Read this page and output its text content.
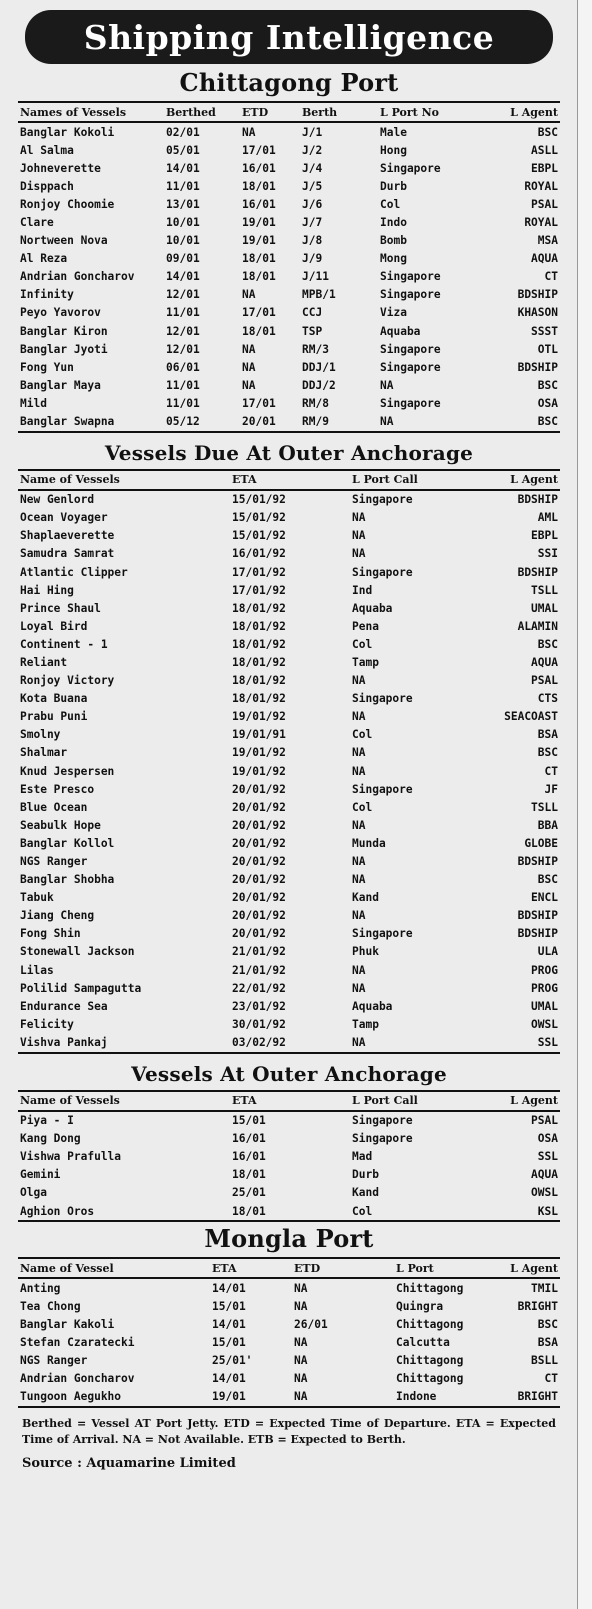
Shipping Intelligence
Chittagong Port
Names of Vessels	Berthed	ETD	Berth	L Port No	L Agent
Banglar Kokoli	02/01	NA	J/1	Male	BSC
Al Salma	05/01	17/01	J/2	Hong	ASLL
Johneverette	14/01	16/01	J/4	Singapore	EBPL
Disppach	11/01	18/01	J/5	Durb	ROYAL
Ronjoy Choomie	13/01	16/01	J/6	Col	PSAL
Clare	10/01	19/01	J/7	Indo	ROYAL
Nortween Nova	10/01	19/01	J/8	Bomb	MSA
Al Reza	09/01	18/01	J/9	Mong	AQUA
Andrian Goncharov	14/01	18/01	J/11	Singapore	CT
Infinity	12/01	NA	MPB/1	Singapore	BDSHIP
Peyo Yavorov	11/01	17/01	CCJ	Viza	KHASON
Banglar Kiron	12/01	18/01	TSP	Aquaba	SSST
Banglar Jyoti	12/01	NA	RM/3	Singapore	OTL
Fong Yun	06/01	NA	DDJ/1	Singapore	BDSHIP
Banglar Maya	11/01	NA	DDJ/2	NA	BSC
Mild	11/01	17/01	RM/8	Singapore	OSA
Banglar Swapna	05/12	20/01	RM/9	NA	BSC
Vessels Due At Outer Anchorage
Name of Vessels	ETA	L Port Call	L Agent
New Genlord	15/01/92	Singapore	BDSHIP
Ocean Voyager	15/01/92	NA	AML
Shaplaeverette	15/01/92	NA	EBPL
Samudra Samrat	16/01/92	NA	SSI
Atlantic Clipper	17/01/92	Singapore	BDSHIP
Hai Hing	17/01/92	Ind	TSLL
Prince Shaul	18/01/92	Aquaba	UMAL
Loyal Bird	18/01/92	Pena	ALAMIN
Continent - 1	18/01/92	Col	BSC
Reliant	18/01/92	Tamp	AQUA
Ronjoy Victory	18/01/92	NA	PSAL
Kota Buana	18/01/92	Singapore	CTS
Prabu Puni	19/01/92	NA	SEACOAST
Smolny	19/01/91	Col	BSA
Shalmar	19/01/92	NA	BSC
Knud Jespersen	19/01/92	NA	CT
Este Presco	20/01/92	Singapore	JF
Blue Ocean	20/01/92	Col	TSLL
Seabulk Hope	20/01/92	NA	BBA
Banglar Kollol	20/01/92	Munda	GLOBE
NGS Ranger	20/01/92	NA	BDSHIP
Banglar Shobha	20/01/92	NA	BSC
Tabuk	20/01/92	Kand	ENCL
Jiang Cheng	20/01/92	NA	BDSHIP
Fong Shin	20/01/92	Singapore	BDSHIP
Stonewall Jackson	21/01/92	Phuk	ULA
Lilas	21/01/92	NA	PROG
Polilid Sampagutta	22/01/92	NA	PROG
Endurance Sea	23/01/92	Aquaba	UMAL
Felicity	30/01/92	Tamp	OWSL
Vishva Pankaj	03/02/92	NA	SSL
Vessels At Outer Anchorage
Name of Vessels	ETA	L Port Call	L Agent
Piya - I	15/01	Singapore	PSAL
Kang Dong	16/01	Singapore	OSA
Vishwa Prafulla	16/01	Mad	SSL
Gemini	18/01	Durb	AQUA
Olga	25/01	Kand	OWSL
Aghion Oros	18/01	Col	KSL
Mongla Port
Name of Vessel	ETA	ETD	L Port	L Agent
Anting	14/01	NA	Chittagong	TMIL
Tea Chong	15/01	NA	Quingra	BRIGHT
Banglar Kakoli	14/01	26/01	Chittagong	BSC
Stefan Czaratecki	15/01	NA	Calcutta	BSA
NGS Ranger	25/01'	NA	Chittagong	BSLL
Andrian Goncharov	14/01	NA	Chittagong	CT
Tungoon Aegukho	19/01	NA	Indone	BRIGHT
Berthed = Vessel AT Port Jetty. ETD = Expected Time of Departure. ETA = Expected Time of Arrival. NA = Not Available. ETB = Expected to Berth.
Source : Aquamarine Limited
